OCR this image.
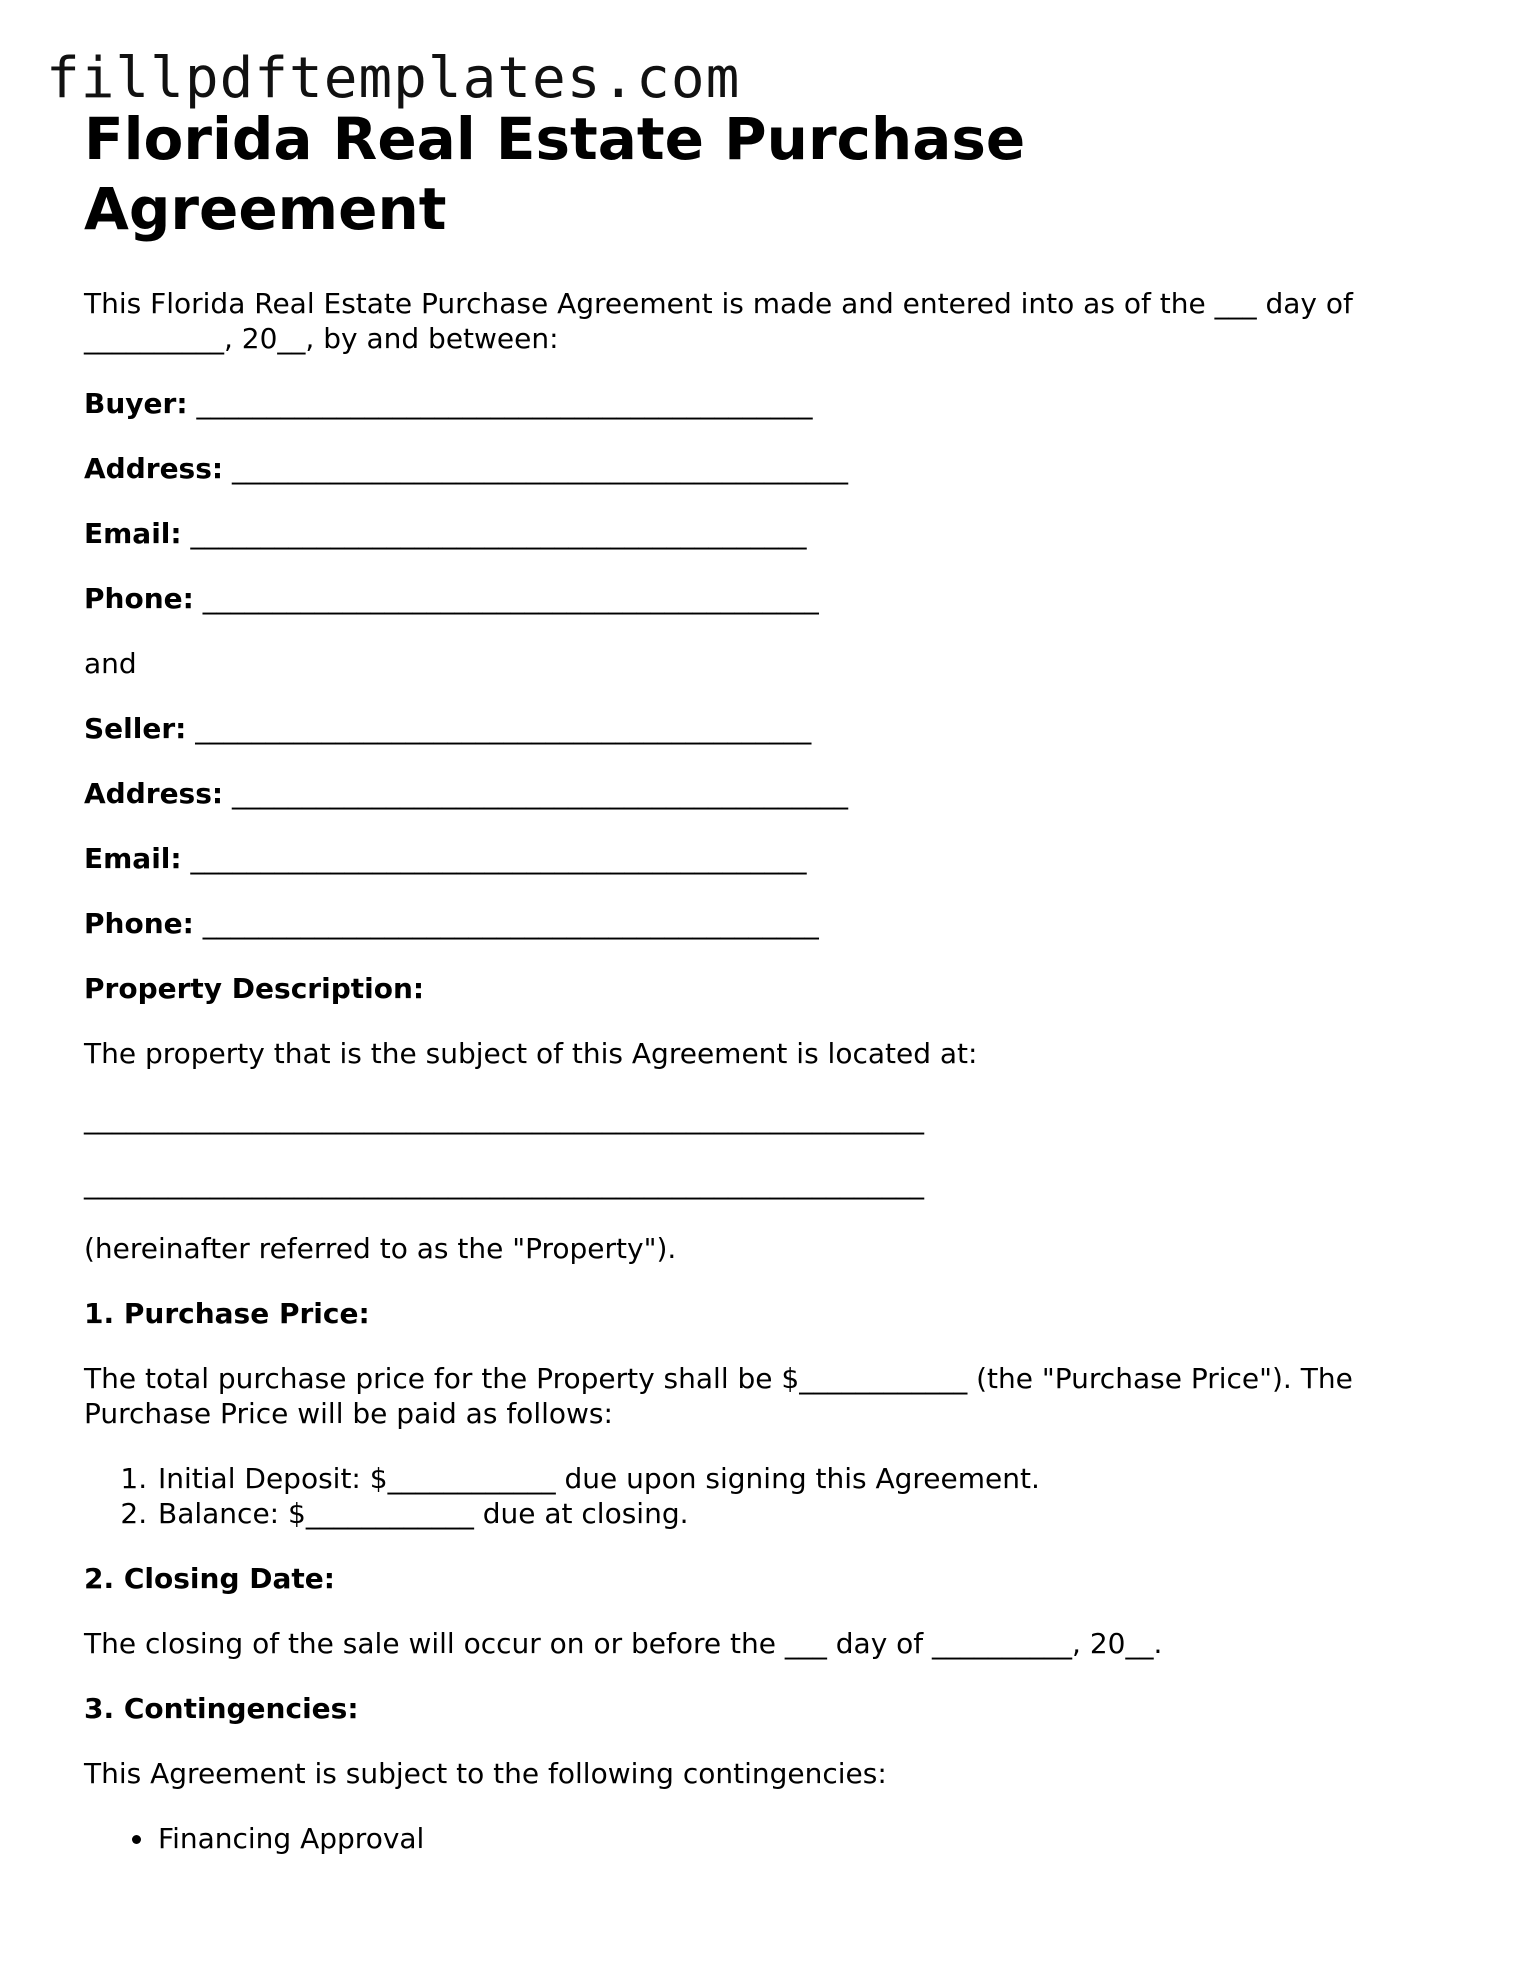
fillpdftemplates.com
Florida Real Estate Purchase Agreement

This Florida Real Estate Purchase Agreement is made and entered into as of the ___ day of __________, 20__, by and between:

Buyer: ____________________________________________

Address: ____________________________________________

Email: ____________________________________________

Phone: ____________________________________________

and

Seller: ____________________________________________

Address: ____________________________________________

Email: ____________________________________________

Phone: ____________________________________________

Property Description:

The property that is the subject of this Agreement is located at:

____________________________________________________________

____________________________________________________________

(hereinafter referred to as the "Property").

1. Purchase Price:

The total purchase price for the Property shall be $____________ (the "Purchase Price"). The Purchase Price will be paid as follows:

1. Initial Deposit: $____________ due upon signing this Agreement.
2. Balance: $____________ due at closing.

2. Closing Date:

The closing of the sale will occur on or before the ___ day of __________, 20__.

3. Contingencies:

This Agreement is subject to the following contingencies:

• Financing Approval
